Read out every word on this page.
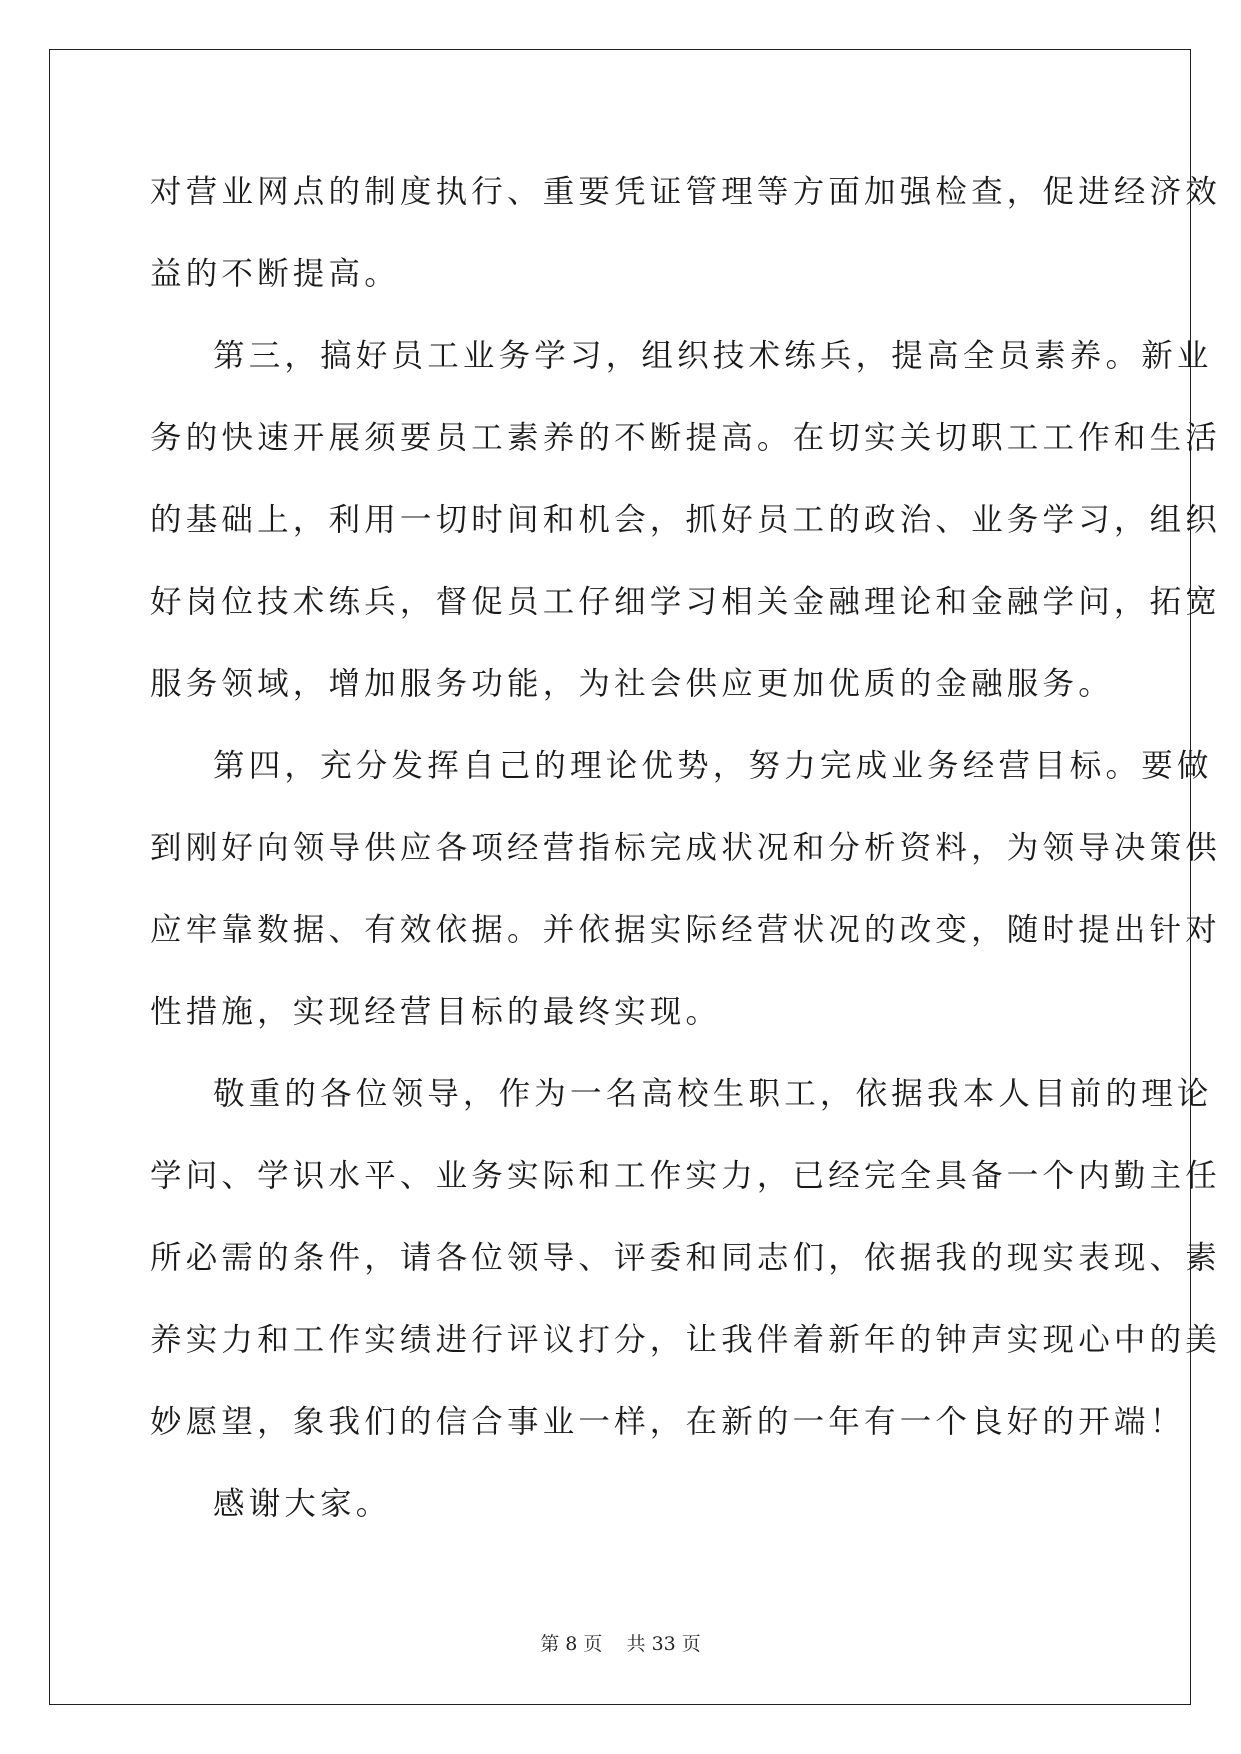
对营业网点的制度执行、重要凭证管理等方面加强检查，促进经济效
益的不断提高。
第三，搞好员工业务学习，组织技术练兵，提高全员素养。新业
务的快速开展须要员工素养的不断提高。在切实关切职工工作和生活
的基础上，利用一切时间和机会，抓好员工的政治、业务学习，组织
好岗位技术练兵，督促员工仔细学习相关金融理论和金融学问，拓宽
服务领域，增加服务功能，为社会供应更加优质的金融服务。
第四，充分发挥自己的理论优势，努力完成业务经营目标。要做
到刚好向领导供应各项经营指标完成状况和分析资料，为领导决策供
应牢靠数据、有效依据。并依据实际经营状况的改变，随时提出针对
性措施，实现经营目标的最终实现。
敬重的各位领导，作为一名高校生职工，依据我本人目前的理论
学问、学识水平、业务实际和工作实力，已经完全具备一个内勤主任
所必需的条件，请各位领导、评委和同志们，依据我的现实表现、素
养实力和工作实绩进行评议打分，让我伴着新年的钟声实现心中的美
妙愿望，象我们的信合事业一样，在新的一年有一个良好的开端！
感谢大家。
第 8 页    共 33 页
